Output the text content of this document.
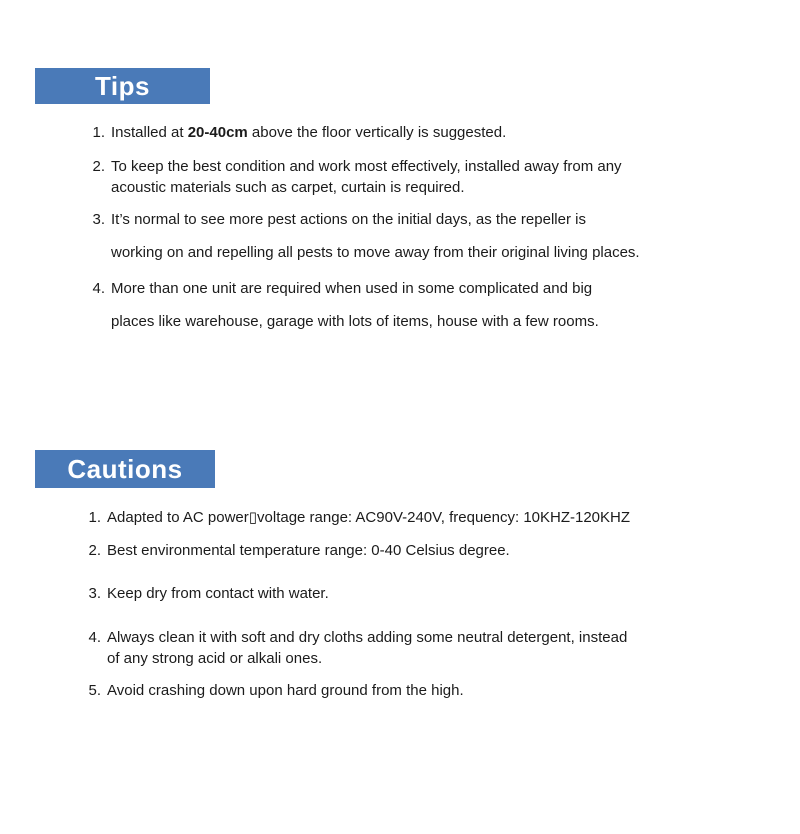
Tips
1. Installed at 20-40cm above the floor vertically is suggested.
2. To keep the best condition and work most effectively, installed away from any
acoustic materials such as carpet, curtain is required.
3. It’s normal to see more pest actions on the initial days, as the repeller is
working on and repelling all pests to move away from their original living places.
4. More than one unit are required when used in some complicated and big
places like warehouse, garage with lots of items, house with a few rooms.
Cautions
1. Adapted to AC power▯voltage range: AC90V-240V, frequency: 10KHZ-120KHZ
2. Best environmental temperature range: 0-40 Celsius degree.
3. Keep dry from contact with water.
4. Always clean it with soft and dry cloths adding some neutral detergent, instead
of any strong acid or alkali ones.
5. Avoid crashing down upon hard ground from the high.
